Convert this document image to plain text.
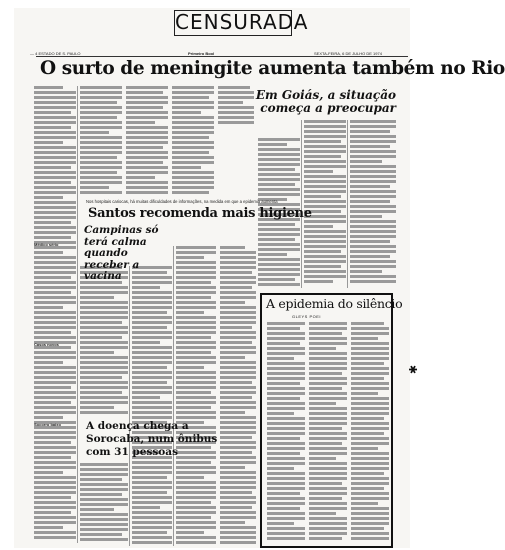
CENSURADA
— 4 ESTADO DE S. PAULO	Primeiro Bool	SEXTA-FEIRA, 6 DE JULHO DE 1974
O surto de meningite aumenta também no Rio
Em Goiás, a situação começa a preocupar
Nos hospitais cariocas, há muitas dificuldades de informações, na medida em que a epidemia aumenta
Santos recomenda mais higiene
Campinas só terá calma quando receber a vacina
A doença chega a Sorocaba, num ônibus com 31 pessoas
Médico sério
Casos novos
Socorro baixo
A epidemia do silêncio
GLEYS POEI
✱
